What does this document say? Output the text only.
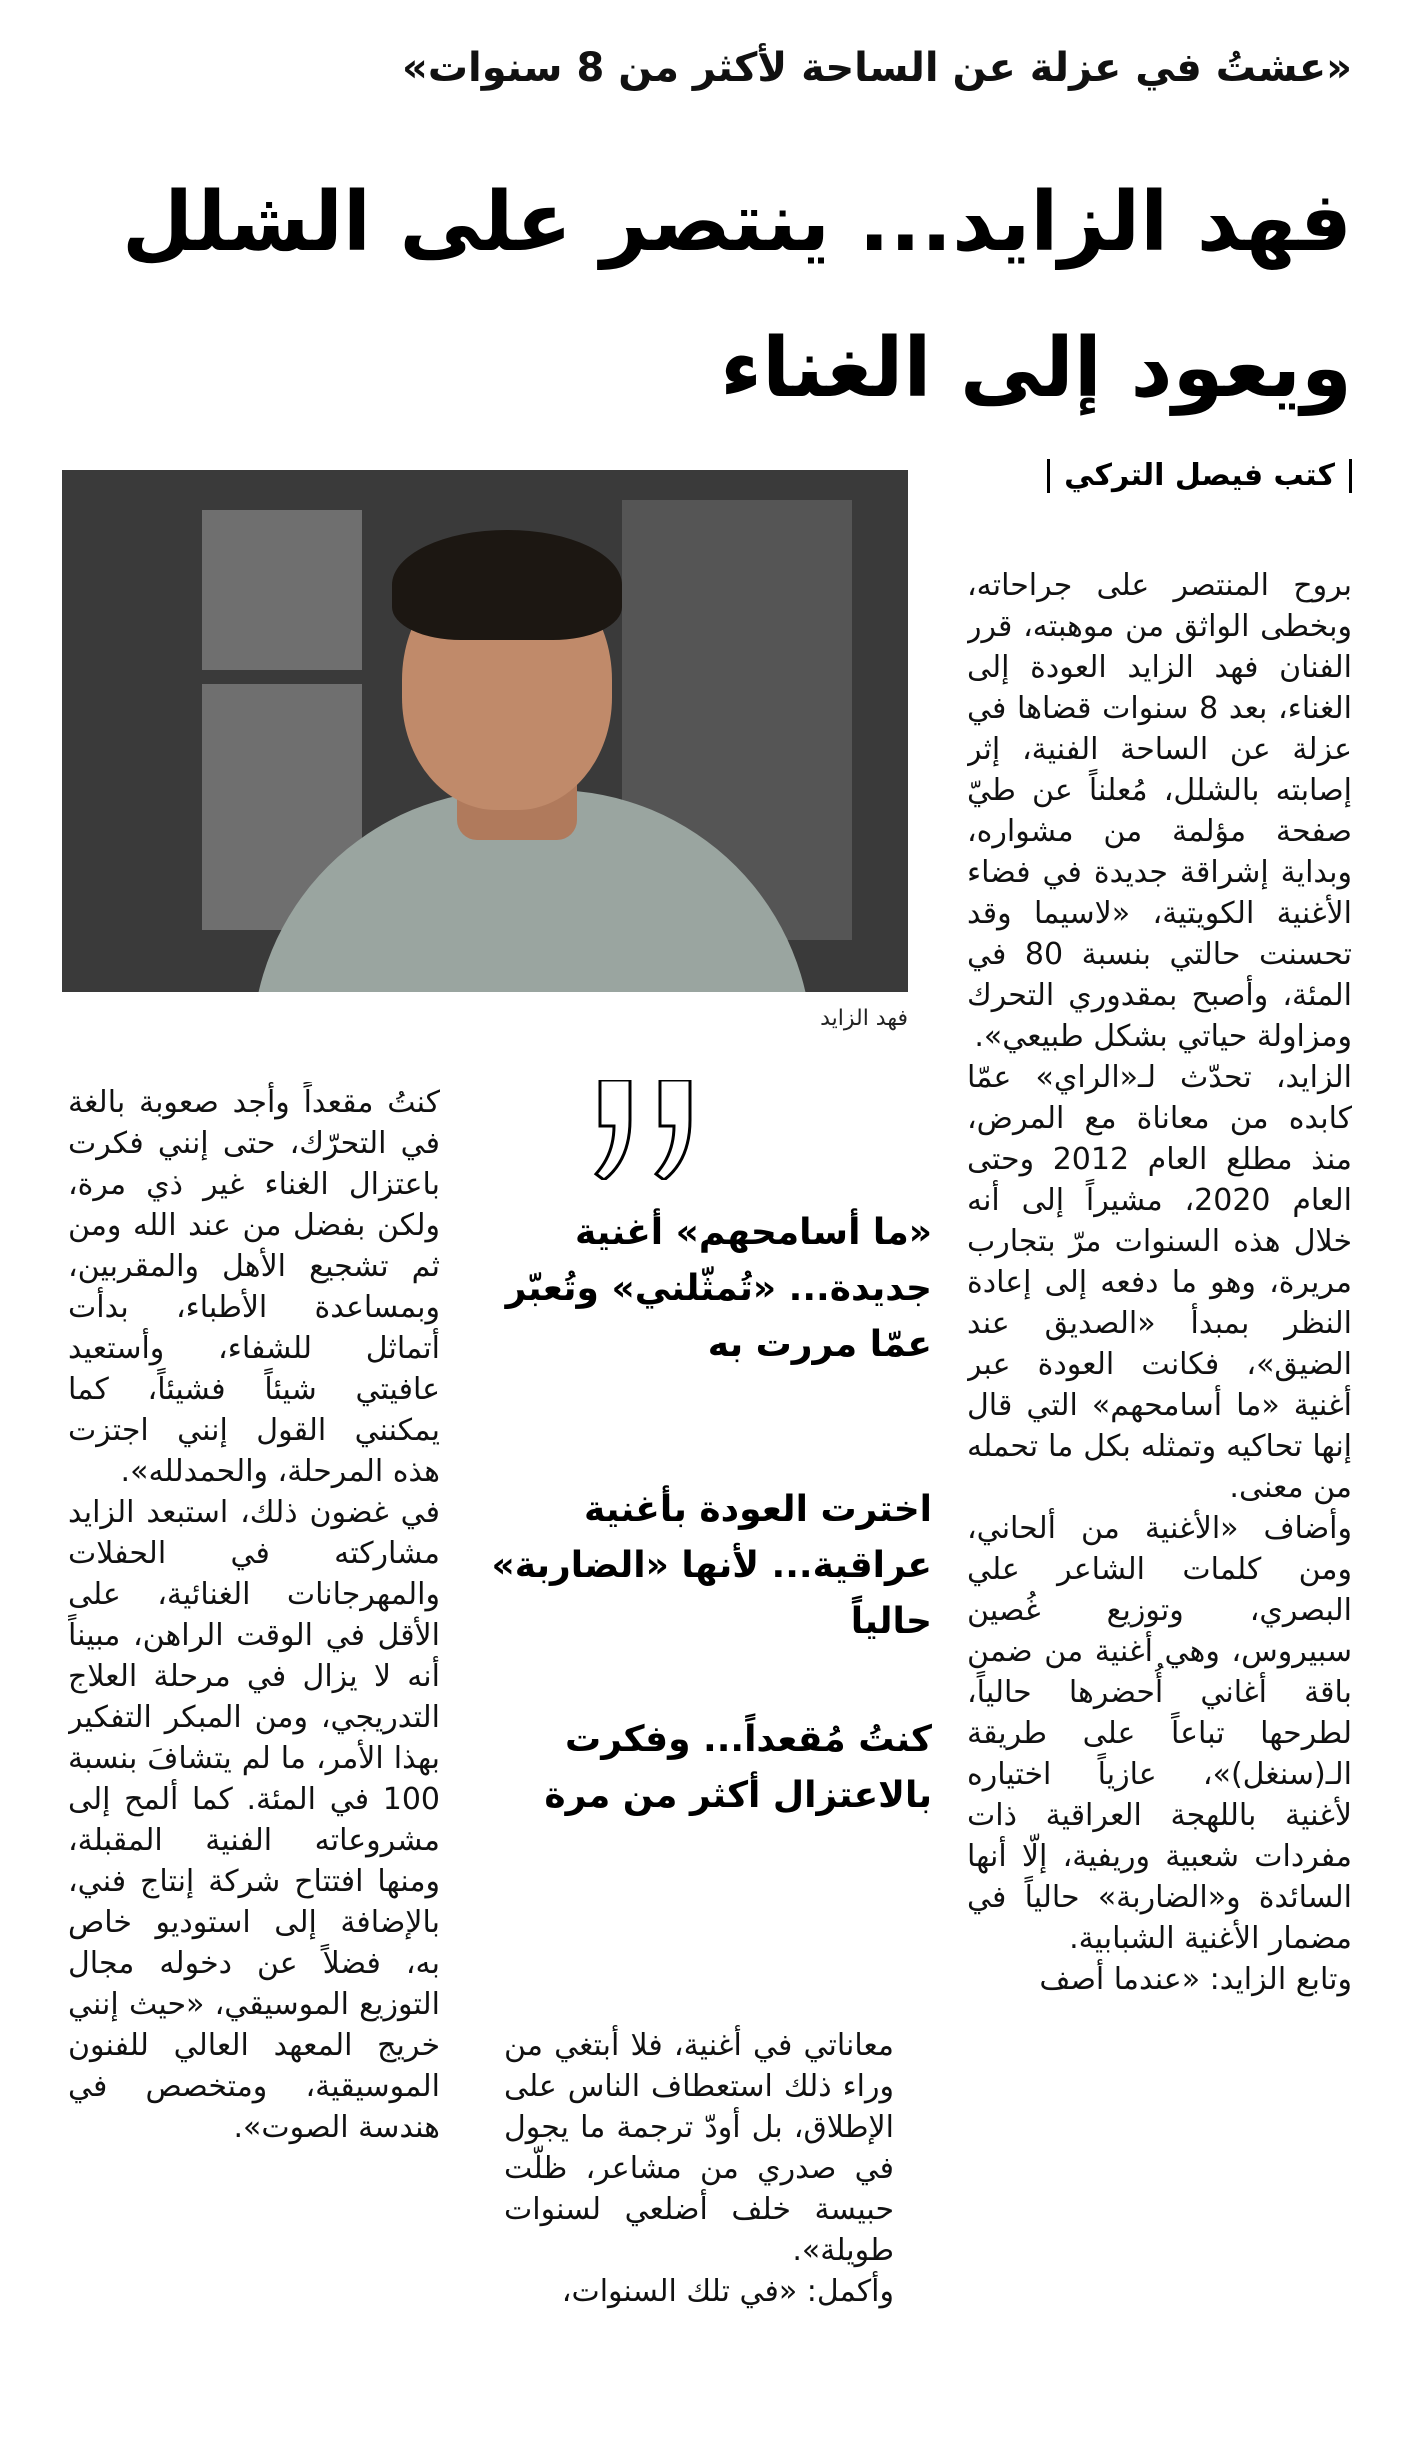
«عشتُ في عزلة عن الساحة لأكثر من 8 سنوات»
فهد الزايد... ينتصر على الشلل ويعود إلى الغناء
كتب فيصل التركي
فهد الزايد

بروح المنتصر على جراحاته، وبخطى الواثق من موهبته، قرر الفنان فهد الزايد العودة إلى الغناء، بعد 8 سنوات قضاها في عزلة عن الساحة الفنية، إثر إصابته بالشلل، مُعلناً عن طيّ صفحة مؤلمة من مشواره، وبداية إشراقة جديدة في فضاء الأغنية الكويتية، «لاسيما وقد تحسنت حالتي بنسبة 80 في المئة، وأصبح بمقدوري التحرك ومزاولة حياتي بشكل طبيعي».

الزايد، تحدّث لـ«الراي» عمّا كابده من معاناة مع المرض، منذ مطلع العام 2012 وحتى العام 2020، مشيراً إلى أنه خلال هذه السنوات مرّ بتجارب مريرة، وهو ما دفعه إلى إعادة النظر بمبدأ «الصديق عند الضيق»، فكانت العودة عبر أغنية «ما أسامحهم» التي قال إنها تحاكيه وتمثله بكل ما تحمله من معنى.

وأضاف «الأغنية من ألحاني، ومن كلمات الشاعر علي البصري، وتوزيع غُصين سبيروس، وهي أغنية من ضمن باقة أغاني أُحضرها حالياً، لطرحها تباعاً على طريقة الـ(سنغل)»، عازياً اختياره لأغنية باللهجة العراقية ذات مفردات شعبية وريفية، إلّا أنها السائدة و«الضاربة» حالياً في مضمار الأغنية الشبابية.

وتابع الزايد: «عندما أصف

«ما أسامحهم» أغنية جديدة... «تُمثّلني» وتُعبّر عمّا مررت به
اخترت العودة بأغنية عراقية... لأنها «الضاربة» حالياً
كنتُ مُقعداً... وفكرت بالاعتزال أكثر من مرة

معاناتي في أغنية، فلا أبتغي من وراء ذلك استعطاف الناس على الإطلاق، بل أودّ ترجمة ما يجول في صدري من مشاعر، ظلّت حبيسة خلف أضلعي لسنوات طويلة».

وأكمل: «في تلك السنوات،

كنتُ مقعداً وأجد صعوبة بالغة في التحرّك، حتى إنني فكرت باعتزال الغناء غير ذي مرة، ولكن بفضل من عند الله ومن ثم تشجيع الأهل والمقربين، وبمساعدة الأطباء، بدأت أتماثل للشفاء، وأستعيد عافيتي شيئاً فشيئاً، كما يمكنني القول إنني اجتزت هذه المرحلة، والحمدلله».

في غضون ذلك، استبعد الزايد مشاركته في الحفلات والمهرجانات الغنائية، على الأقل في الوقت الراهن، مبيناً أنه لا يزال في مرحلة العلاج التدريجي، ومن المبكر التفكير بهذا الأمر، ما لم يتشافَ بنسبة 100 في المئة. كما ألمح إلى مشروعاته الفنية المقبلة، ومنها افتتاح شركة إنتاج فني، بالإضافة إلى استوديو خاص به، فضلاً عن دخوله مجال التوزيع الموسيقي، «حيث إنني خريج المعهد العالي للفنون الموسيقية، ومتخصص في هندسة الصوت».
